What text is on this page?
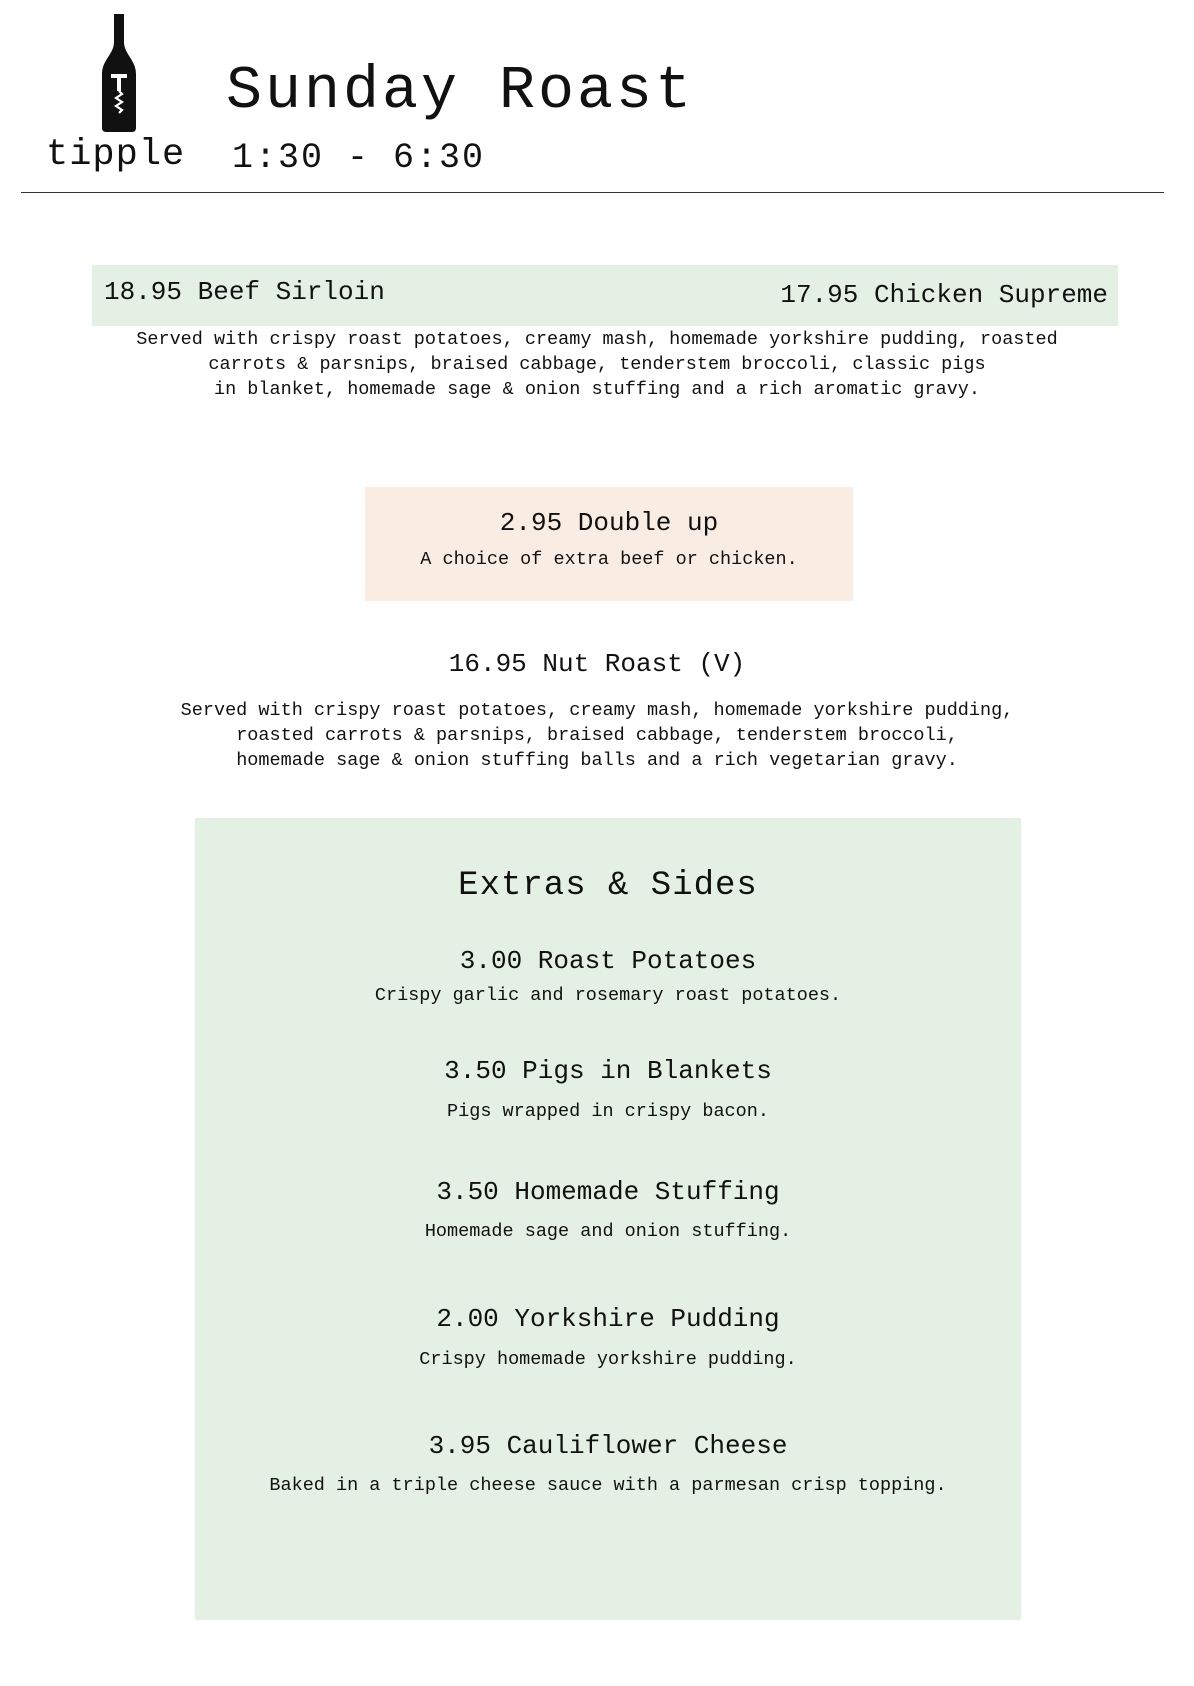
tipple
Sunday Roast
1:30 - 6:30
18.95 Beef Sirloin	17.95 Chicken Supreme
Served with crispy roast potatoes, creamy mash, homemade yorkshire pudding, roasted
carrots & parsnips, braised cabbage, tenderstem broccoli, classic pigs
in blanket, homemade sage & onion stuffing and a rich aromatic gravy.
2.95 Double up
A choice of extra beef or chicken.
16.95 Nut Roast (V)
Served with crispy roast potatoes, creamy mash, homemade yorkshire pudding,
roasted carrots & parsnips, braised cabbage, tenderstem broccoli,
homemade sage & onion stuffing balls and a rich vegetarian gravy.
Extras & Sides
3.00 Roast Potatoes
Crispy garlic and rosemary roast potatoes.
3.50 Pigs in Blankets
Pigs wrapped in crispy bacon.
3.50 Homemade Stuffing
Homemade sage and onion stuffing.
2.00 Yorkshire Pudding
Crispy homemade yorkshire pudding.
3.95 Cauliflower Cheese
Baked in a triple cheese sauce with a parmesan crisp topping.
